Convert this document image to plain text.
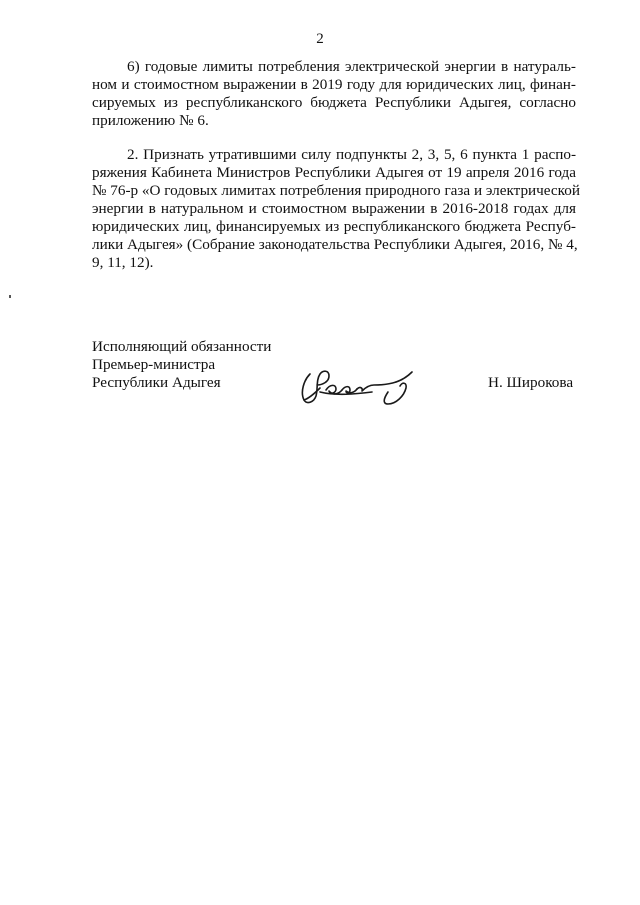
2
6) годовые лимиты потребления электрической энергии в натураль-
ном и стоимостном выражении в 2019 году для юридических лиц, финан-
сируемых из республиканского бюджета Республики Адыгея, согласно
приложению № 6.
2. Признать утратившими силу подпункты 2, 3, 5, 6 пункта 1 распо-
ряжения Кабинета Министров Республики Адыгея от 19 апреля 2016 года
№ 76-р «О годовых лимитах потребления природного газа и электрической
энергии в натуральном и стоимостном выражении в 2016-2018 годах для
юридических лиц, финансируемых из республиканского бюджета Респуб-
лики Адыгея» (Собрание законодательства Республики Адыгея, 2016, № 4,
9, 11, 12).
Исполняющий обязанности
Премьер-министра
Республики Адыгея	Н. Широкова
